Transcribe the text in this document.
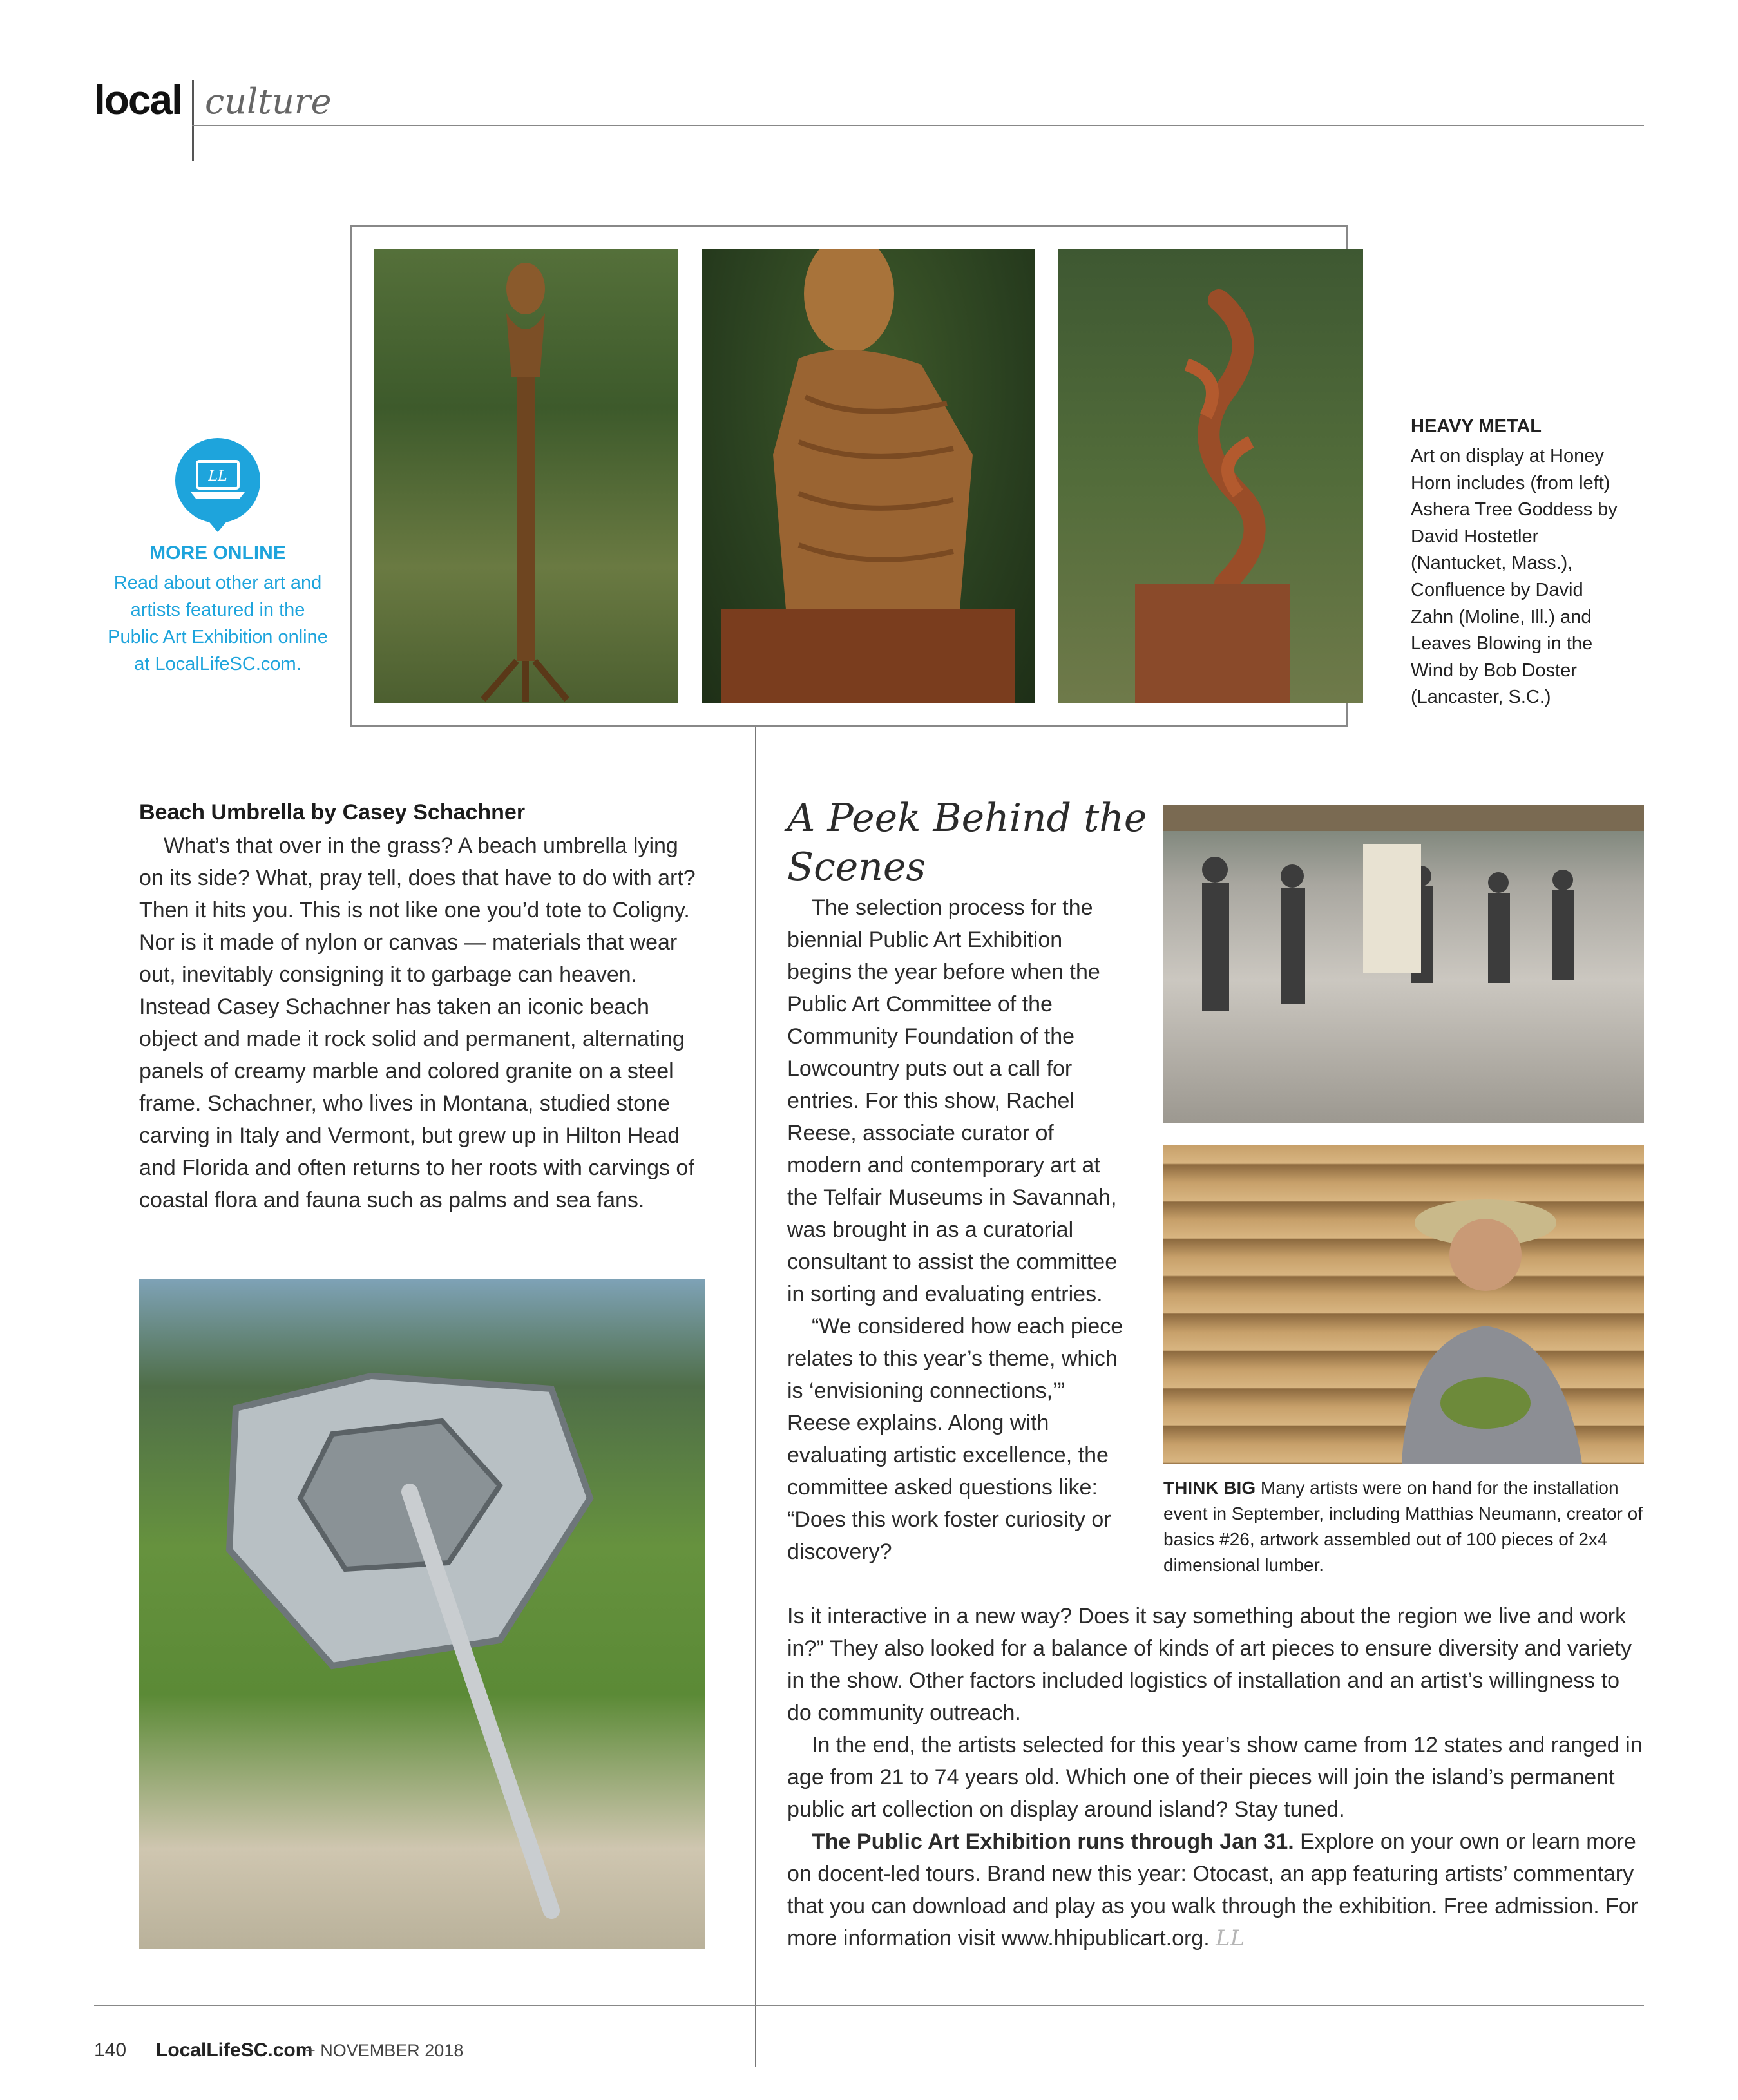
local culture
LL
MORE ONLINE
Read about other art and artists featured in the Public Art Exhibition online at LocalLifeSC.com.
HEAVY METAL
Art on display at Honey Horn includes (from left) Ashera Tree Goddess by David Hostetler (Nantucket, Mass.), Confluence by David Zahn (Moline, Ill.) and Leaves Blowing in the Wind by Bob Doster (Lancaster, S.C.)
Beach Umbrella by Casey Schachner
What’s that over in the grass? A beach umbrella lying on its side? What, pray tell, does that have to do with art? Then it hits you. This is not like one you’d tote to Coligny. Nor is it made of nylon or canvas — materials that wear out, inevitably consigning it to garbage can heaven. Instead Casey Schachner has taken an iconic beach object and made it rock solid and permanent, alternating panels of creamy marble and colored granite on a steel frame. Schachner, who lives in Montana, studied stone carving in Italy and Vermont, but grew up in Hilton Head and Florida and often returns to her roots with carvings of coastal flora and fauna such as palms and sea fans.
A Peek Behind the Scenes

The selection process for the biennial Public Art Exhibition begins the year before when the Public Art Committee of the Community Foundation of the Lowcountry puts out a call for entries. For this show, Rachel Reese, associate curator of modern and contemporary art at the Telfair Museums in Savannah, was brought in as a curatorial consultant to assist the committee in sorting and evaluating entries.

“We considered how each piece relates to this year’s theme, which is ‘envisioning connections,’” Reese explains. Along with evaluating artistic excellence, the committee asked questions like: “Does this work foster curiosity or discovery?

Is it interactive in a new way? Does it say something about the region we live and work in?” They also looked for a balance of kinds of art pieces to ensure diversity and variety in the show. Other factors included logistics of installation and an artist’s willingness to do community outreach.

In the end, the artists selected for this year’s show came from 12 states and ranged in age from 21 to 74 years old. Which one of their pieces will join the island’s permanent public art collection on display around island? Stay tuned.

The Public Art Exhibition runs through Jan 31. Explore on your own or learn more on docent-led tours. Brand new this year: Otocast, an app featuring artists’ commentary that you can download and play as you walk through the exhibition. Free admission. For more information visit www.hhipublicart.org. LL

THINK BIG Many artists were on hand for the installation event in September, including Matthias Neumann, creator of basics #26, artwork assembled out of 100 pieces of 2x4 dimensional lumber.
140 LocalLifeSC.com
+ NOVEMBER 2018
